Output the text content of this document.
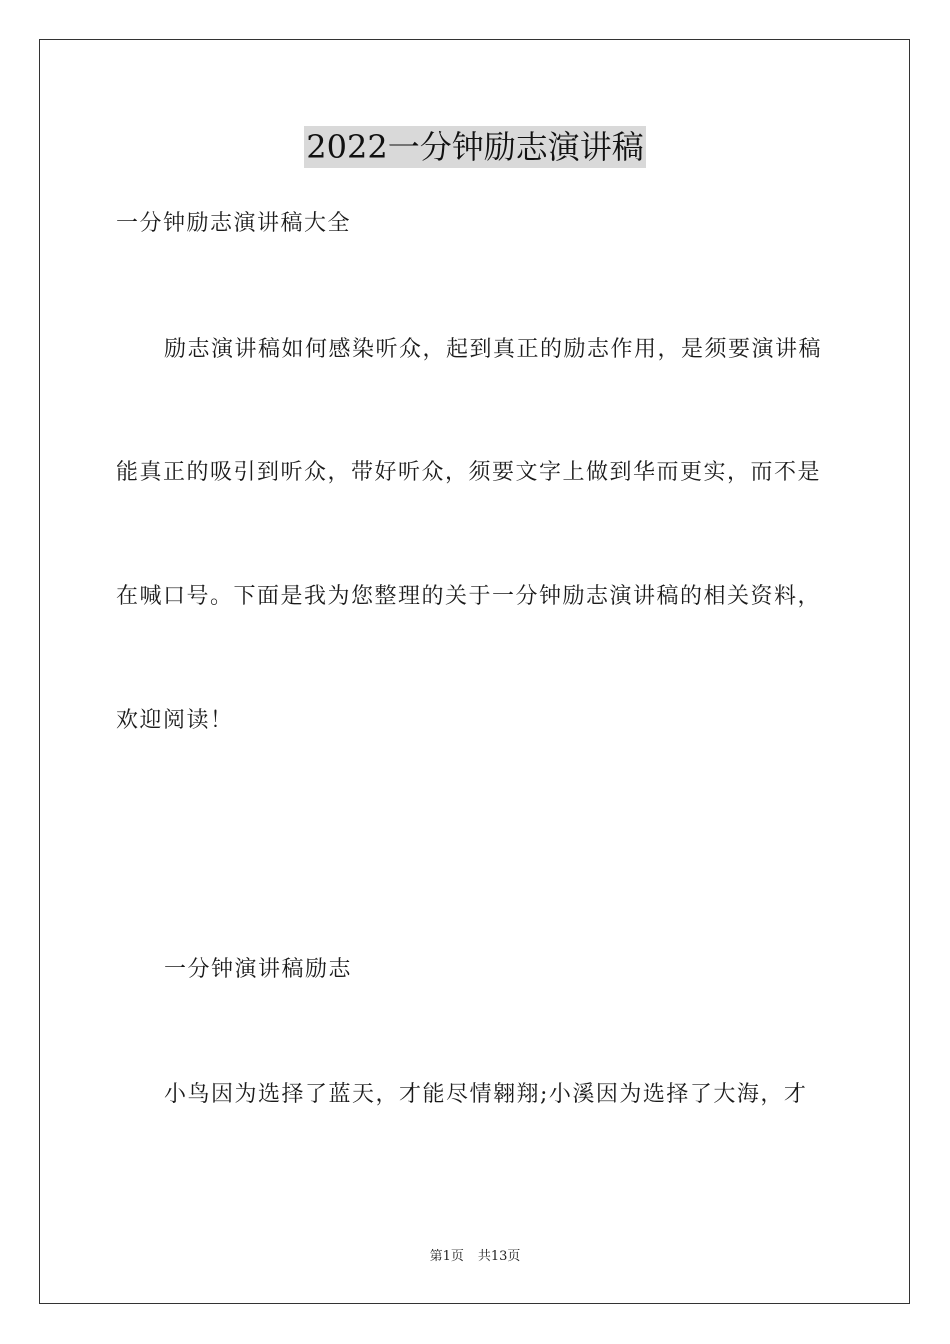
2022一分钟励志演讲稿
一分钟励志演讲稿大全
励志演讲稿如何感染听众，起到真正的励志作用，是须要演讲稿
能真正的吸引到听众，带好听众，须要文字上做到华而更实，而不是
在喊口号。下面是我为您整理的关于一分钟励志演讲稿的相关资料，
欢迎阅读！
一分钟演讲稿励志
小鸟因为选择了蓝天，才能尽情翱翔;小溪因为选择了大海，才
第1页 共13页
